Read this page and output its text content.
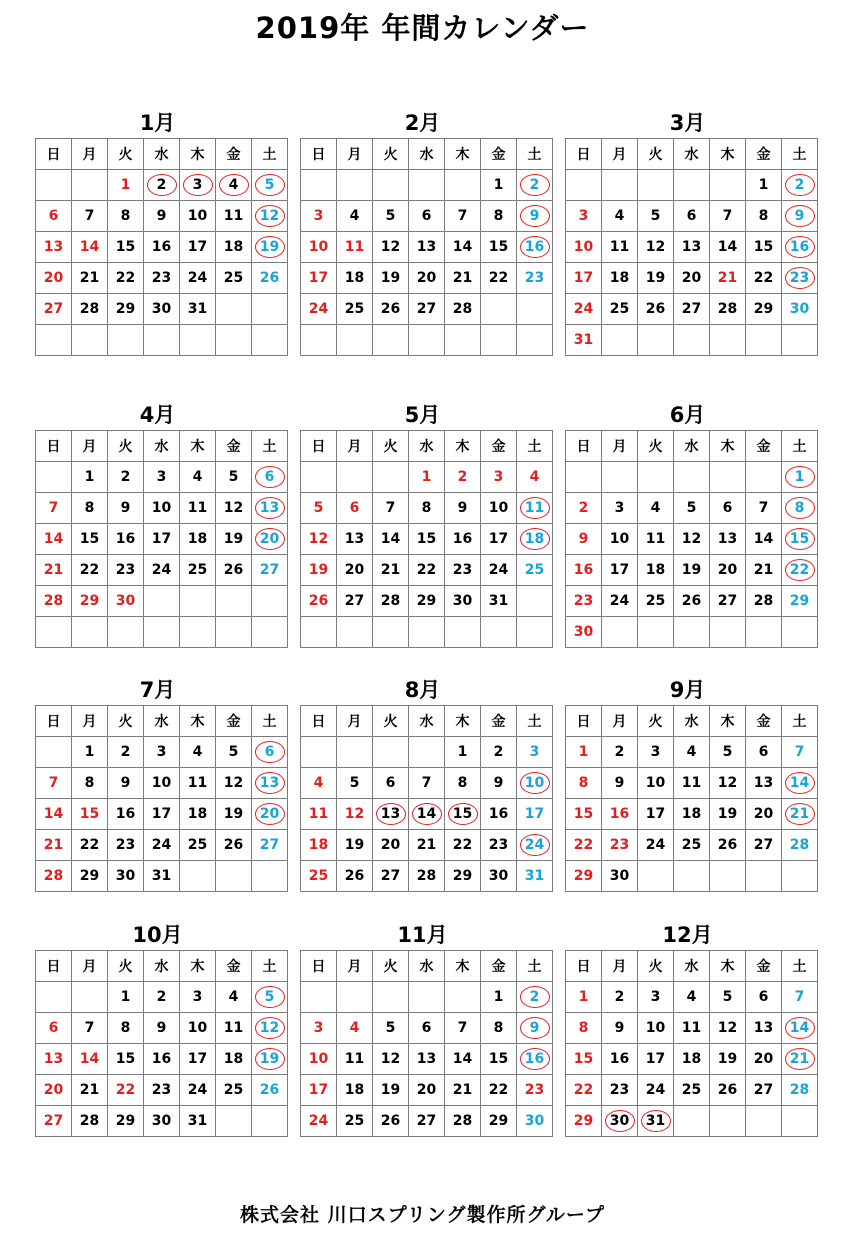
2019年 年間カレンダー
1月
日	月	火	水	木	金	土
		1	2	3	4	5
6	7	8	9	10	11	12
13	14	15	16	17	18	19
20	21	22	23	24	25	26
27	28	29	30	31		

2月
日	月	火	水	木	金	土
					1	2
3	4	5	6	7	8	9
10	11	12	13	14	15	16
17	18	19	20	21	22	23
24	25	26	27	28		

3月
日	月	火	水	木	金	土
					1	2
3	4	5	6	7	8	9
10	11	12	13	14	15	16
17	18	19	20	21	22	23
24	25	26	27	28	29	30
31						
4月
日	月	火	水	木	金	土
	1	2	3	4	5	6
7	8	9	10	11	12	13
14	15	16	17	18	19	20
21	22	23	24	25	26	27
28	29	30				

5月
日	月	火	水	木	金	土
			1	2	3	4
5	6	7	8	9	10	11
12	13	14	15	16	17	18
19	20	21	22	23	24	25
26	27	28	29	30	31	

6月
日	月	火	水	木	金	土
						1
2	3	4	5	6	7	8
9	10	11	12	13	14	15
16	17	18	19	20	21	22
23	24	25	26	27	28	29
30						
7月
日	月	火	水	木	金	土
	1	2	3	4	5	6
7	8	9	10	11	12	13
14	15	16	17	18	19	20
21	22	23	24	25	26	27
28	29	30	31			
8月
日	月	火	水	木	金	土
				1	2	3
4	5	6	7	8	9	10
11	12	13	14	15	16	17
18	19	20	21	22	23	24
25	26	27	28	29	30	31
9月
日	月	火	水	木	金	土
1	2	3	4	5	6	7
8	9	10	11	12	13	14
15	16	17	18	19	20	21
22	23	24	25	26	27	28
29	30					
10月
日	月	火	水	木	金	土
		1	2	3	4	5
6	7	8	9	10	11	12
13	14	15	16	17	18	19
20	21	22	23	24	25	26
27	28	29	30	31		
11月
日	月	火	水	木	金	土
					1	2
3	4	5	6	7	8	9
10	11	12	13	14	15	16
17	18	19	20	21	22	23
24	25	26	27	28	29	30
12月
日	月	火	水	木	金	土
1	2	3	4	5	6	7
8	9	10	11	12	13	14
15	16	17	18	19	20	21
22	23	24	25	26	27	28
29	30	31				
株式会社 川口スプリング製作所グループ
